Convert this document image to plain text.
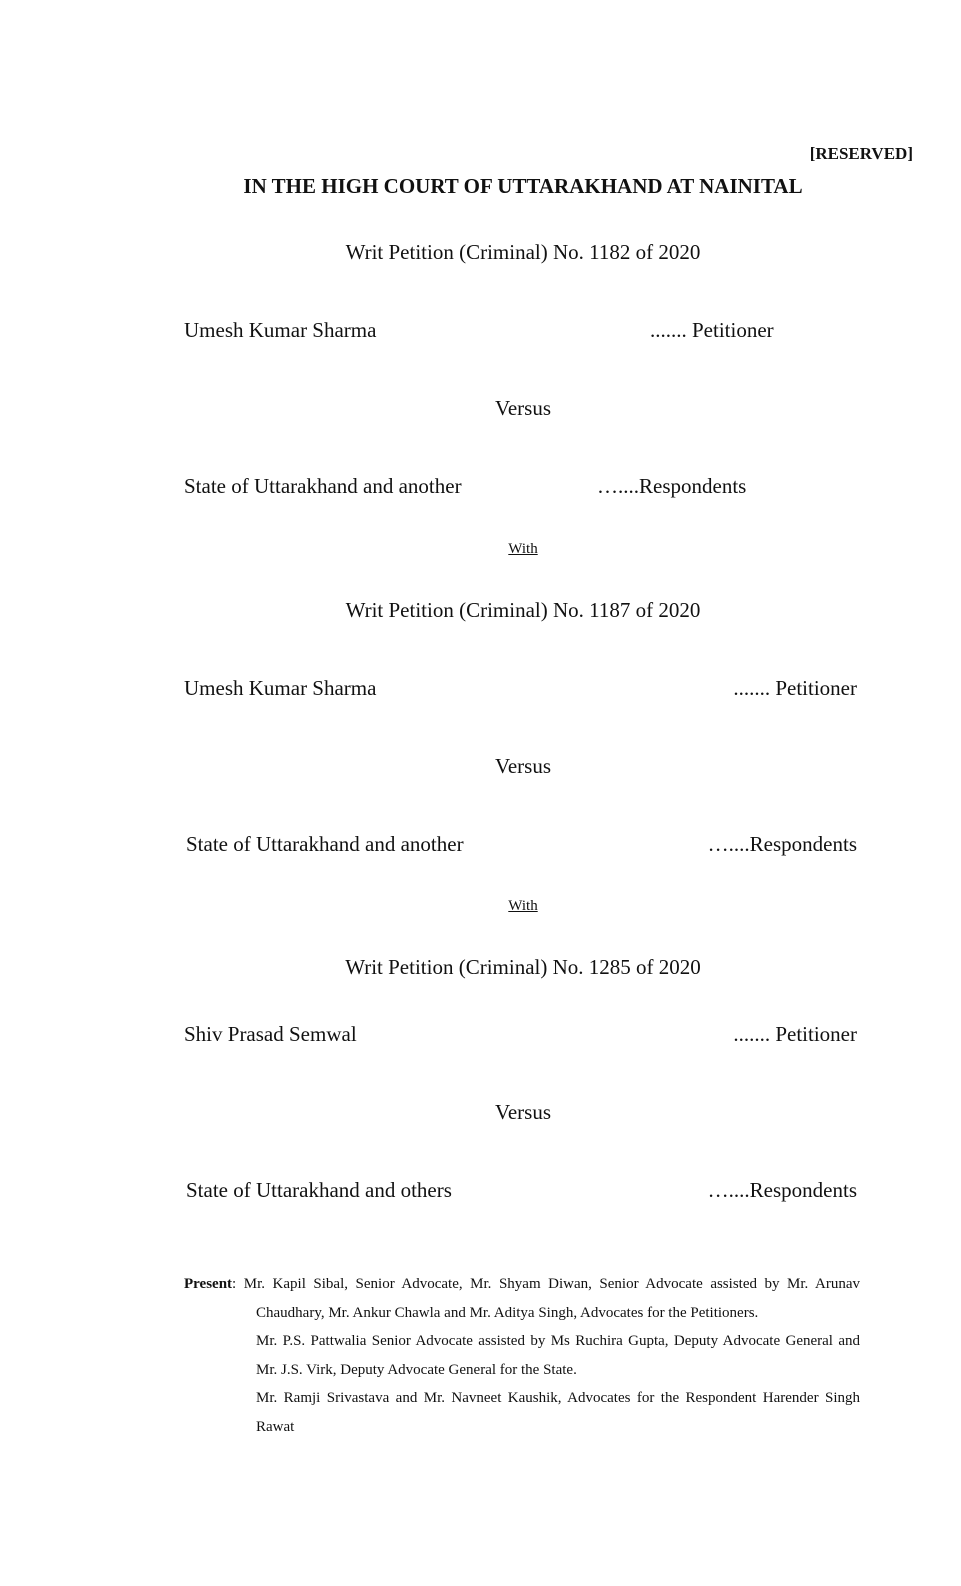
[RESERVED]
IN THE HIGH COURT OF UTTARAKHAND AT NAINITAL
Writ Petition (Criminal) No. 1182 of 2020
Umesh Kumar Sharma	....... Petitioner
Versus
State of Uttarakhand and another	…....Respondents
With
Writ Petition (Criminal) No. 1187 of 2020
Umesh Kumar Sharma	....... Petitioner
Versus
State of Uttarakhand and another	…....Respondents
With
Writ Petition (Criminal) No. 1285 of 2020
Shiv Prasad Semwal	....... Petitioner
Versus
State of Uttarakhand and others	…....Respondents
Present: Mr. Kapil Sibal, Senior Advocate, Mr. Shyam Diwan, Senior Advocate assisted by Mr. Arunav Chaudhary, Mr. Ankur Chawla and Mr. Aditya Singh, Advocates for the Petitioners.
Mr. P.S. Pattwalia Senior Advocate assisted by Ms Ruchira Gupta, Deputy Advocate General and Mr. J.S. Virk, Deputy Advocate General for the State.
Mr. Ramji Srivastava and Mr. Navneet Kaushik, Advocates for the Respondent Harender Singh Rawat
